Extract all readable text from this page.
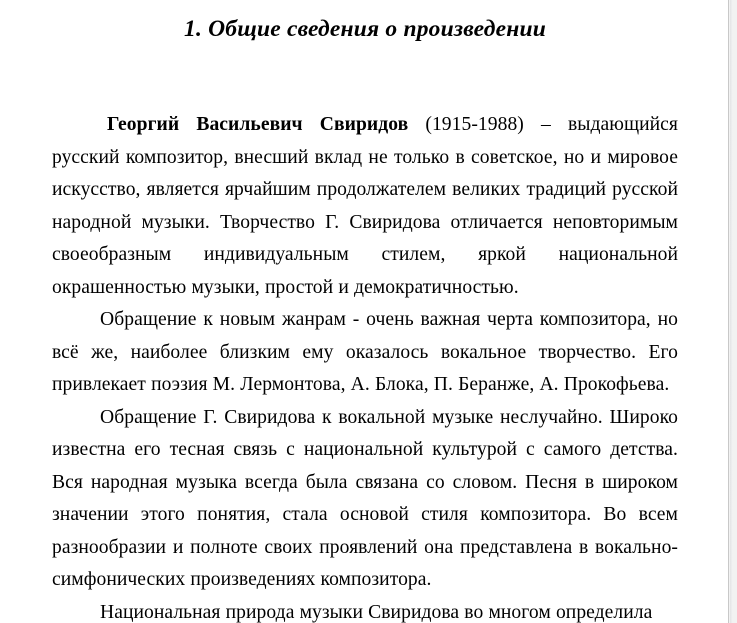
1. Общие сведения о произведении

Георгий Васильевич Свиридов (1915-1988) – выдающийся русский композитор, внесший вклад не только в советское, но и мировое искусство, является ярчайшим продолжателем великих традиций русской народной музыки. Творчество Г. Свиридова отличается неповторимым своеобразным индивидуальным стилем, яркой национальной окрашенностью музыки, простой и демократичностью.

Обращение к новым жанрам - очень важная черта композитора, но всё же, наиболее близким ему оказалось вокальное творчество. Его привлекает поэзия М. Лермонтова, А. Блока, П. Беранже, А. Прокофьева.

Обращение Г. Свиридова к вокальной музыке неслучайно. Широко известна его тесная связь с национальной культурой с самого детства. Вся народная музыка всегда была связана со словом. Песня в широком значении этого понятия, стала основой стиля композитора. Во всем разнообразии и полноте своих проявлений она представлена в вокально-симфонических произведениях композитора.

Национальная природа музыки Свиридова во многом определила
